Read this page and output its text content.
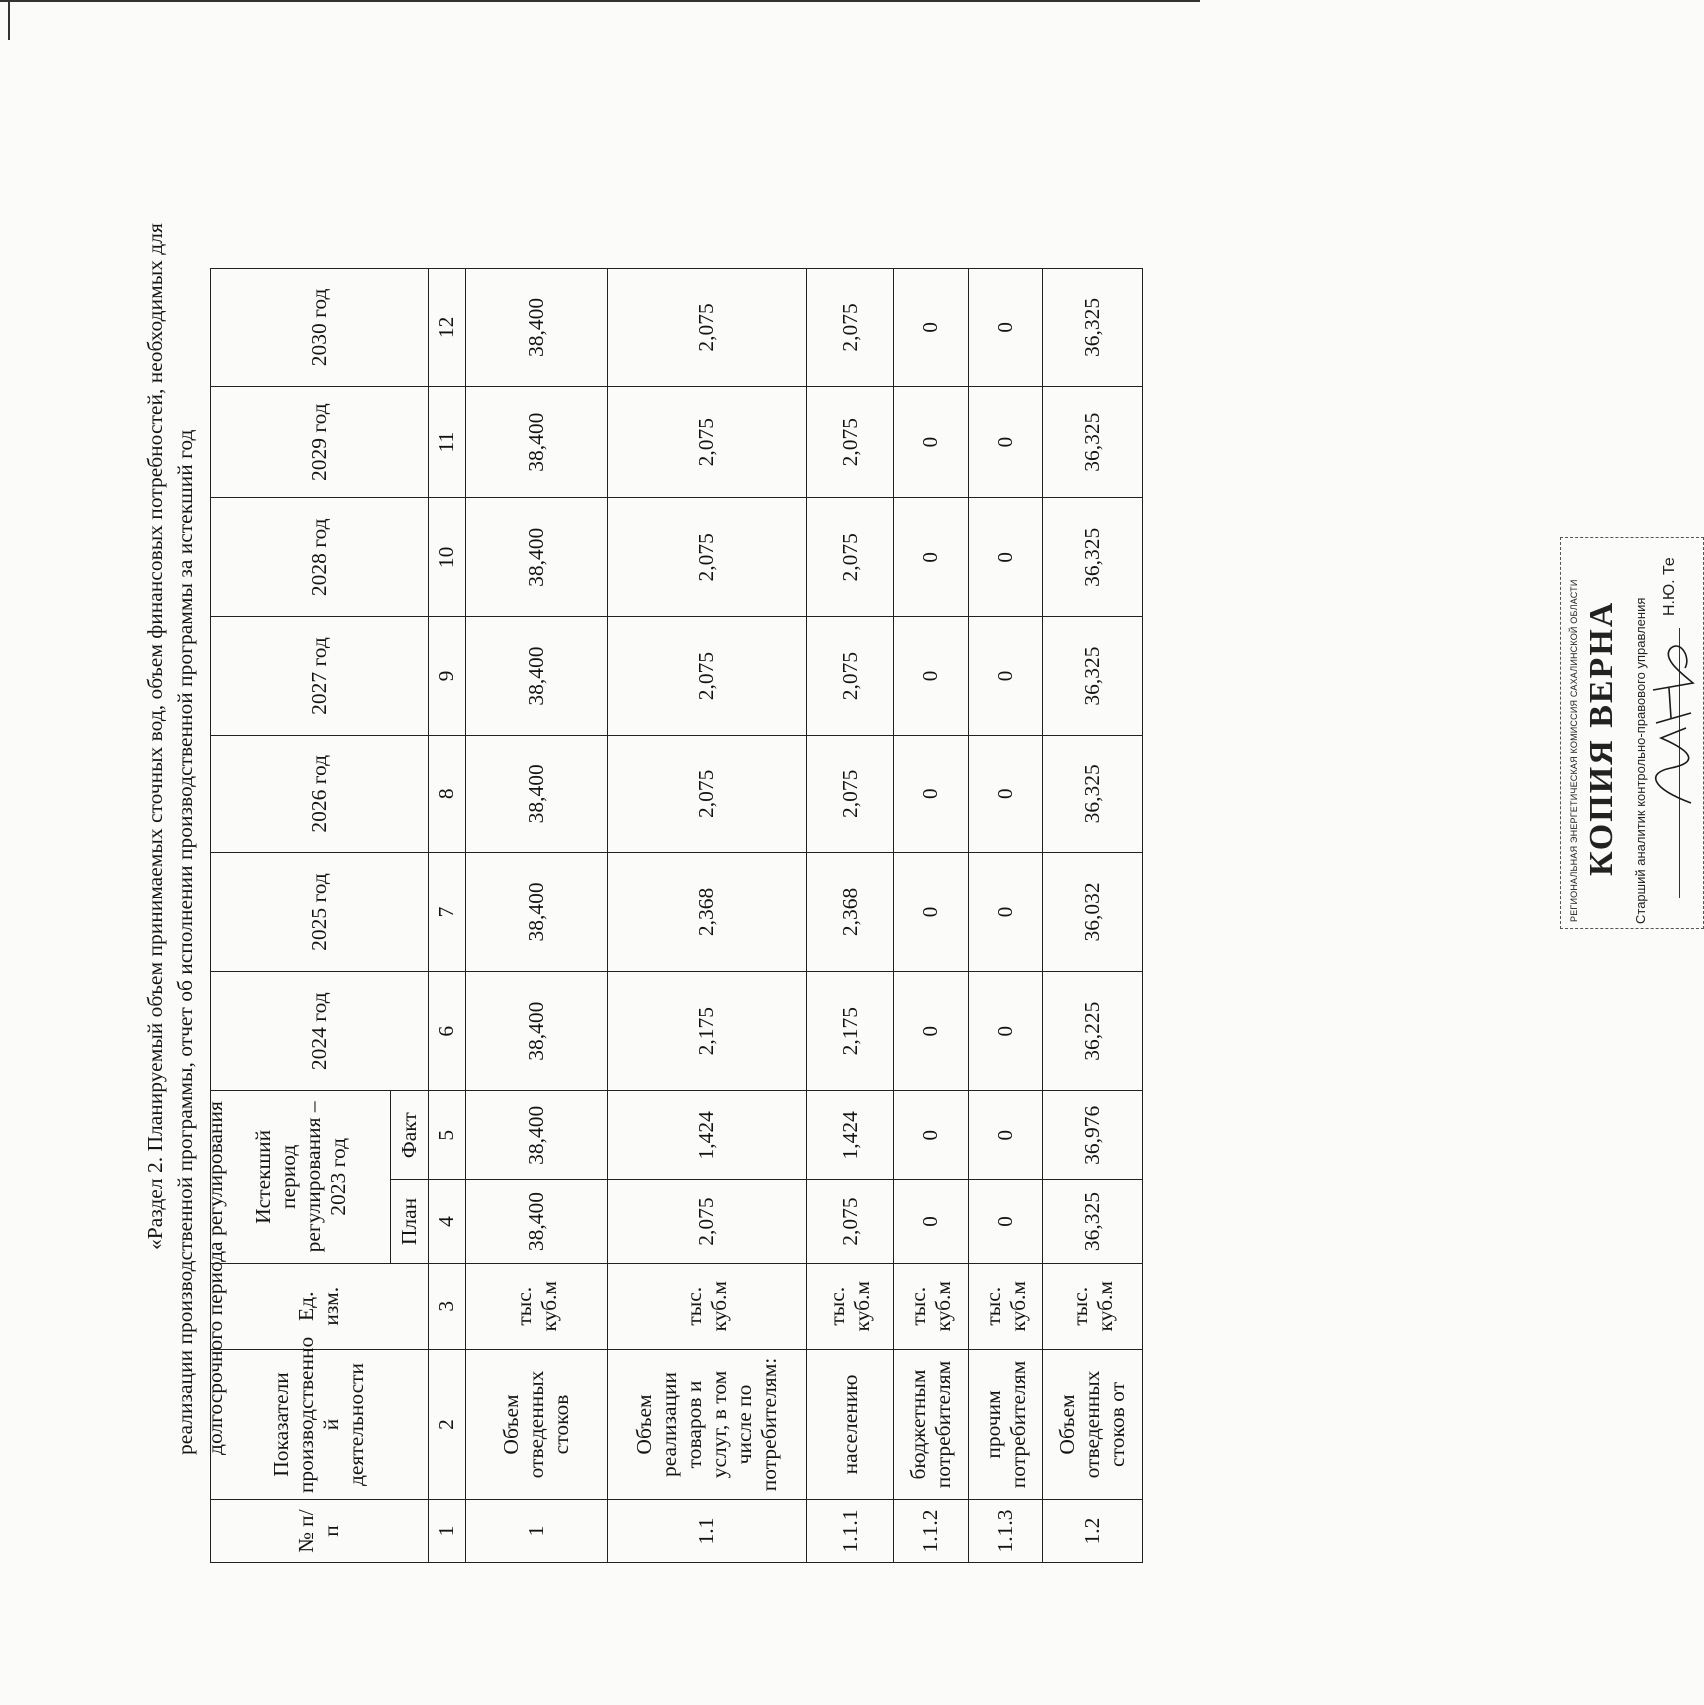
«Раздел 2. Планируемый объем принимаемых сточных вод, объем финансовых потребностей, необходимых для реализации производственной программы, отчет об исполнении производственной программы за истекший год долгосрочного периода регулирования
№ п/п	Показатели производственно й деятельности	Ед. изм.	Истекший период регулирования – 2023 год		2024 год	2025 год	2026 год	2027 год	2028 год	2029 год	2030 год
			План	Факт							
1	2	3	4	5	6	7	8	9	10	11	12
1	Объем отведенных стоков	тыс. куб.м	38,400	38,400	38,400	38,400	38,400	38,400	38,400	38,400	38,400
1.1	Объем реализации товаров и услуг, в том числе по потребителям:	тыс. куб.м	2,075	1,424	2,175	2,368	2,075	2,075	2,075	2,075	2,075
1.1.1	населению	тыс. куб.м	2,075	1,424	2,175	2,368	2,075	2,075	2,075	2,075	2,075
1.1.2	бюджетным потребителям	тыс. куб.м	0	0	0	0	0	0	0	0	0
1.1.3	прочим потребителям	тыс. куб.м	0	0	0	0	0	0	0	0	0
1.2	Объем отведенных стоков от	тыс. куб.м	36,325	36,976	36,225	36,032	36,325	36,325	36,325	36,325	36,325
РЕГИОНАЛЬНАЯ ЭНЕРГЕТИЧЕСКАЯ КОМИССИЯ САХАЛИНСКОЙ ОБЛАСТИ КОПИЯ ВЕРНА Старший аналитик контрольно-правового управления
Н.Ю. Те
